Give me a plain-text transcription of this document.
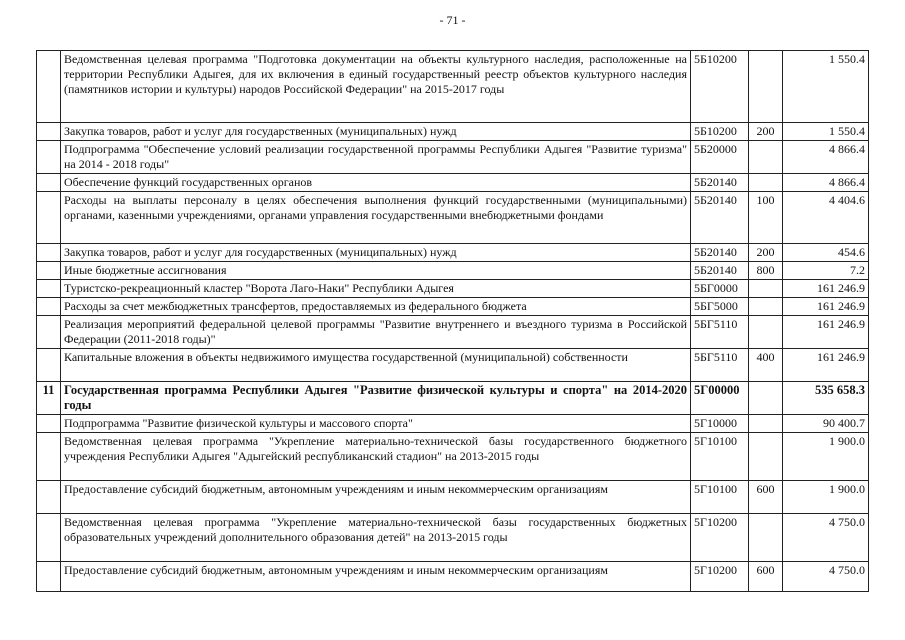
- 71 -
	Ведомственная целевая программа "Подготовка документации на объекты культурного наследия, расположенные на территории Республики Адыгея, для их включения в единый государственный реестр объектов культурного наследия (памятников истории и культуры) народов Российской Федерации" на 2015-2017 годы	5Б10200		1 550.4
	Закупка товаров, работ и услуг для государственных (муниципальных) нужд	5Б10200	200	1 550.4
	Подпрограмма "Обеспечение условий реализации государственной программы Республики Адыгея "Развитие туризма" на 2014 - 2018 годы"	5Б20000		4 866.4
	Обеспечение функций государственных органов	5Б20140		4 866.4
	Расходы на выплаты персоналу в целях обеспечения выполнения функций государственными (муниципальными) органами, казенными учреждениями, органами управления государственными внебюджетными фондами	5Б20140	100	4 404.6
	Закупка товаров, работ и услуг для государственных (муниципальных) нужд	5Б20140	200	454.6
	Иные бюджетные ассигнования	5Б20140	800	7.2
	Туристско-рекреационный кластер "Ворота Лаго-Наки" Республики Адыгея	5БГ0000		161 246.9
	Расходы за счет межбюджетных трансфертов, предоставляемых из федерального бюджета	5БГ5000		161 246.9
	Реализация мероприятий федеральной целевой программы "Развитие внутреннего и въездного туризма в Российской Федерации (2011-2018 годы)"	5БГ5110		161 246.9
	Капитальные вложения в объекты недвижимого имущества государственной (муниципальной) собственности	5БГ5110	400	161 246.9
11	Государственная программа Республики Адыгея "Развитие физической культуры и спорта" на 2014-2020 годы	5Г00000		535 658.3
	Подпрограмма "Развитие физической культуры и массового спорта"	5Г10000		90 400.7
	Ведомственная целевая программа "Укрепление материально-технической базы государственного бюджетного учреждения Республики Адыгея "Адыгейский республиканский стадион" на 2013-2015 годы	5Г10100		1 900.0
	Предоставление субсидий бюджетным, автономным учреждениям и иным некоммерческим организациям	5Г10100	600	1 900.0
	Ведомственная целевая программа "Укрепление материально-технической базы государственных бюджетных образовательных учреждений дополнительного образования детей" на 2013-2015 годы	5Г10200		4 750.0
	Предоставление субсидий бюджетным, автономным учреждениям и иным некоммерческим организациям	5Г10200	600	4 750.0
